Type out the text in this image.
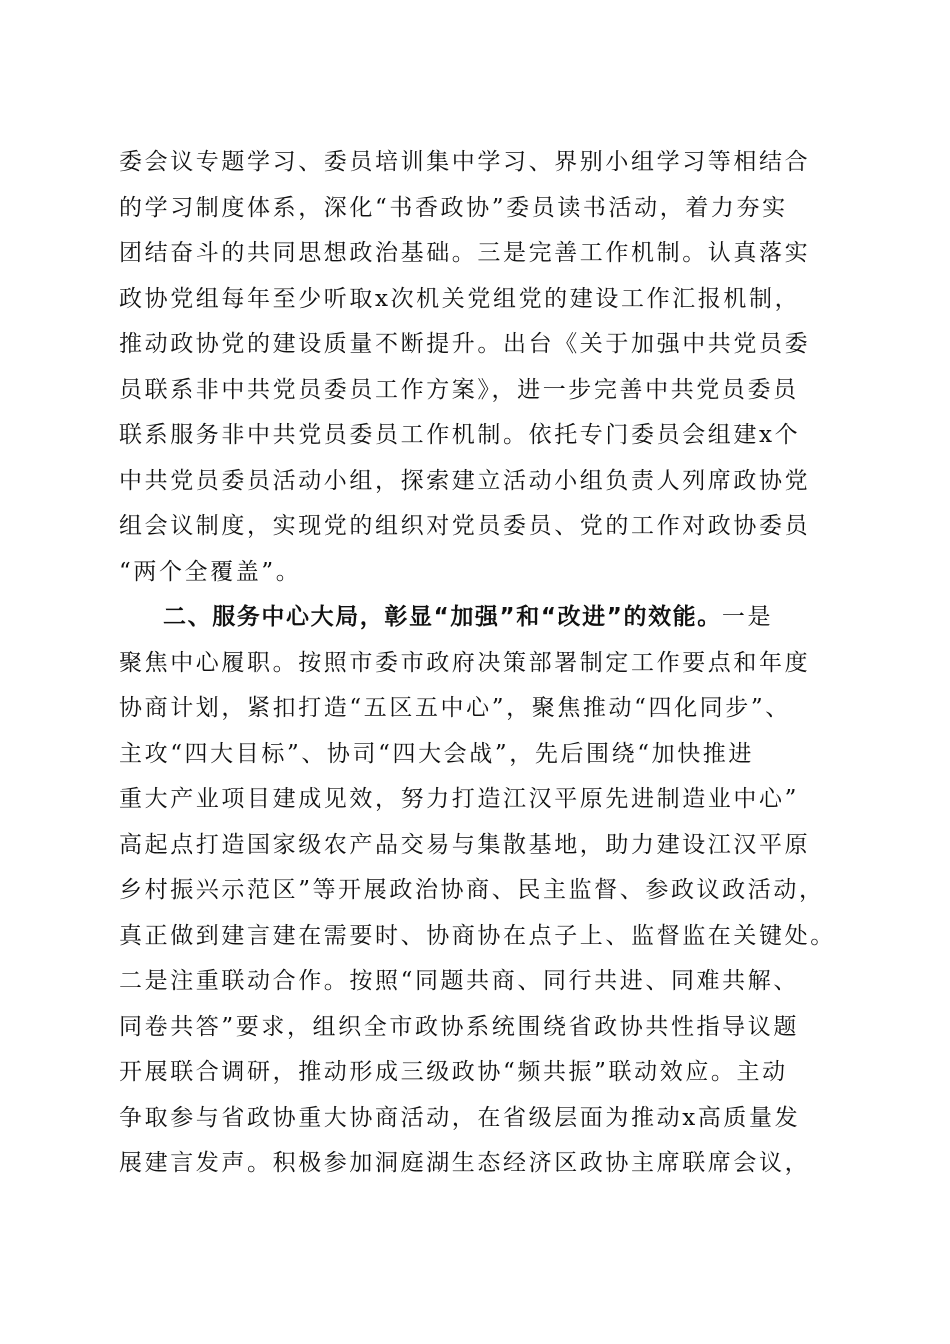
委会议专题学习、委员培训集中学习、界别小组学习等相结合
的学习制度体系，深化“书香政协”委员读书活动，着力夯实
团结奋斗的共同思想政治基础。三是完善工作机制。认真落实
政协党组每年至少听取x次机关党组党的建设工作汇报机制，
推动政协党的建设质量不断提升。出台《关于加强中共党员委
员联系非中共党员委员工作方案》，进一步完善中共党员委员
联系服务非中共党员委员工作机制。依托专门委员会组建x个
中共党员委员活动小组，探索建立活动小组负责人列席政协党
组会议制度，实现党的组织对党员委员、党的工作对政协委员
“两个全覆盖”。
二、服务中心大局，彰显“加强”和“改进”的效能。一是
聚焦中心履职。按照市委市政府决策部署制定工作要点和年度
协商计划，紧扣打造“五区五中心”，聚焦推动“四化同步”、
主攻“四大目标”、协司“四大会战”，先后围绕“加快推进
重大产业项目建成见效，努力打造江汉平原先进制造业中心”
高起点打造国家级农产品交易与集散基地，助力建设江汉平原
乡村振兴示范区”等开展政治协商、民主监督、参政议政活动，
真正做到建言建在需要时、协商协在点子上、监督监在关键处。
二是注重联动合作。按照“同题共商、同行共进、同难共解、
同卷共答”要求，组织全市政协系统围绕省政协共性指导议题
开展联合调研，推动形成三级政协“频共振”联动效应。主动
争取参与省政协重大协商活动，在省级层面为推动x高质量发
展建言发声。积极参加洞庭湖生态经济区政协主席联席会议，
